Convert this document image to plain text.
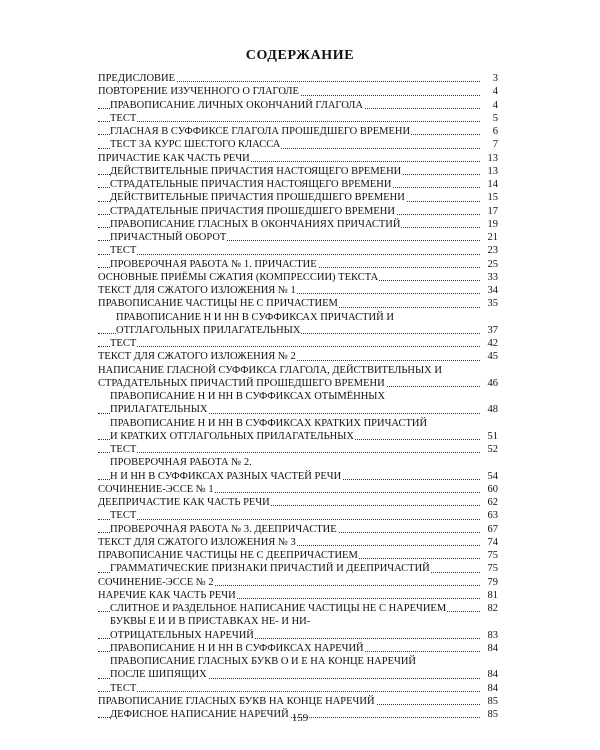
СОДЕРЖАНИЕ
ПРЕДИСЛОВИЕ	3
ПОВТОРЕНИЕ ИЗУЧЕННОГО О ГЛАГОЛЕ	4
ПРАВОПИСАНИЕ ЛИЧНЫХ ОКОНЧАНИЙ ГЛАГОЛА	4
ТЕСТ	5
ГЛАСНАЯ В СУФФИКСЕ ГЛАГОЛА ПРОШЕДШЕГО ВРЕМЕНИ	6
ТЕСТ ЗА КУРС ШЕСТОГО КЛАССА	7
ПРИЧАСТИЕ КАК ЧАСТЬ РЕЧИ	13
ДЕЙСТВИТЕЛЬНЫЕ ПРИЧАСТИЯ НАСТОЯЩЕГО ВРЕМЕНИ	13
СТРАДАТЕЛЬНЫЕ ПРИЧАСТИЯ НАСТОЯЩЕГО ВРЕМЕНИ	14
ДЕЙСТВИТЕЛЬНЫЕ ПРИЧАСТИЯ ПРОШЕДШЕГО ВРЕМЕНИ	15
СТРАДАТЕЛЬНЫЕ ПРИЧАСТИЯ ПРОШЕДШЕГО ВРЕМЕНИ	17
ПРАВОПИСАНИЕ ГЛАСНЫХ В ОКОНЧАНИЯХ ПРИЧАСТИЙ	19
ПРИЧАСТНЫЙ ОБОРОТ	21
ТЕСТ	23
ПРОВЕРОЧНАЯ РАБОТА № 1. ПРИЧАСТИЕ	25
ОСНОВНЫЕ ПРИЁМЫ СЖАТИЯ (КОМПРЕССИИ) ТЕКСТА	33
ТЕКСТ ДЛЯ СЖАТОГО ИЗЛОЖЕНИЯ № 1	34
ПРАВОПИСАНИЕ ЧАСТИЦЫ НЕ С ПРИЧАСТИЕМ	35
ПРАВОПИСАНИЕ Н И НН В СУФФИКСАХ ПРИЧАСТИЙ И
ОТГЛАГОЛЬНЫХ ПРИЛАГАТЕЛЬНЫХ	37
ТЕСТ	42
ТЕКСТ ДЛЯ СЖАТОГО ИЗЛОЖЕНИЯ № 2	45
НАПИСАНИЕ ГЛАСНОЙ СУФФИКСА ГЛАГОЛА, ДЕЙСТВИТЕЛЬНЫХ И
СТРАДАТЕЛЬНЫХ ПРИЧАСТИЙ ПРОШЕДШЕГО ВРЕМЕНИ	46
ПРАВОПИСАНИЕ Н И НН В СУФФИКСАХ ОТЫМЁННЫХ
ПРИЛАГАТЕЛЬНЫХ	48
ПРАВОПИСАНИЕ Н И НН В СУФФИКСАХ КРАТКИХ ПРИЧАСТИЙ
И КРАТКИХ ОТГЛАГОЛЬНЫХ ПРИЛАГАТЕЛЬНЫХ	51
ТЕСТ	52
ПРОВЕРОЧНАЯ РАБОТА № 2.
Н И НН В СУФФИКСАХ РАЗНЫХ ЧАСТЕЙ РЕЧИ	54
СОЧИНЕНИЕ-ЭССЕ № 1	60
ДЕЕПРИЧАСТИЕ КАК ЧАСТЬ РЕЧИ	62
ТЕСТ	63
ПРОВЕРОЧНАЯ РАБОТА № 3. ДЕЕПРИЧАСТИЕ	67
ТЕКСТ ДЛЯ СЖАТОГО ИЗЛОЖЕНИЯ № 3	74
ПРАВОПИСАНИЕ ЧАСТИЦЫ НЕ С ДЕЕПРИЧАСТИЕМ	75
ГРАММАТИЧЕСКИЕ ПРИЗНАКИ ПРИЧАСТИЙ И ДЕЕПРИЧАСТИЙ	75
СОЧИНЕНИЕ-ЭССЕ № 2	79
НАРЕЧИЕ КАК ЧАСТЬ РЕЧИ	81
СЛИТНОЕ И РАЗДЕЛЬНОЕ НАПИСАНИЕ ЧАСТИЦЫ НЕ С НАРЕЧИЕМ	82
БУКВЫ Е И И В ПРИСТАВКАХ НЕ- И НИ-
ОТРИЦАТЕЛЬНЫХ НАРЕЧИЙ	83
ПРАВОПИСАНИЕ Н И НН В СУФФИКСАХ НАРЕЧИЙ	84
ПРАВОПИСАНИЕ ГЛАСНЫХ БУКВ О И Е НА КОНЦЕ НАРЕЧИЙ
ПОСЛЕ ШИПЯЩИХ	84
ТЕСТ	84
ПРАВОПИСАНИЕ ГЛАСНЫХ БУКВ НА КОНЦЕ НАРЕЧИЙ	85
ДЕФИСНОЕ НАПИСАНИЕ НАРЕЧИЙ	85
159
